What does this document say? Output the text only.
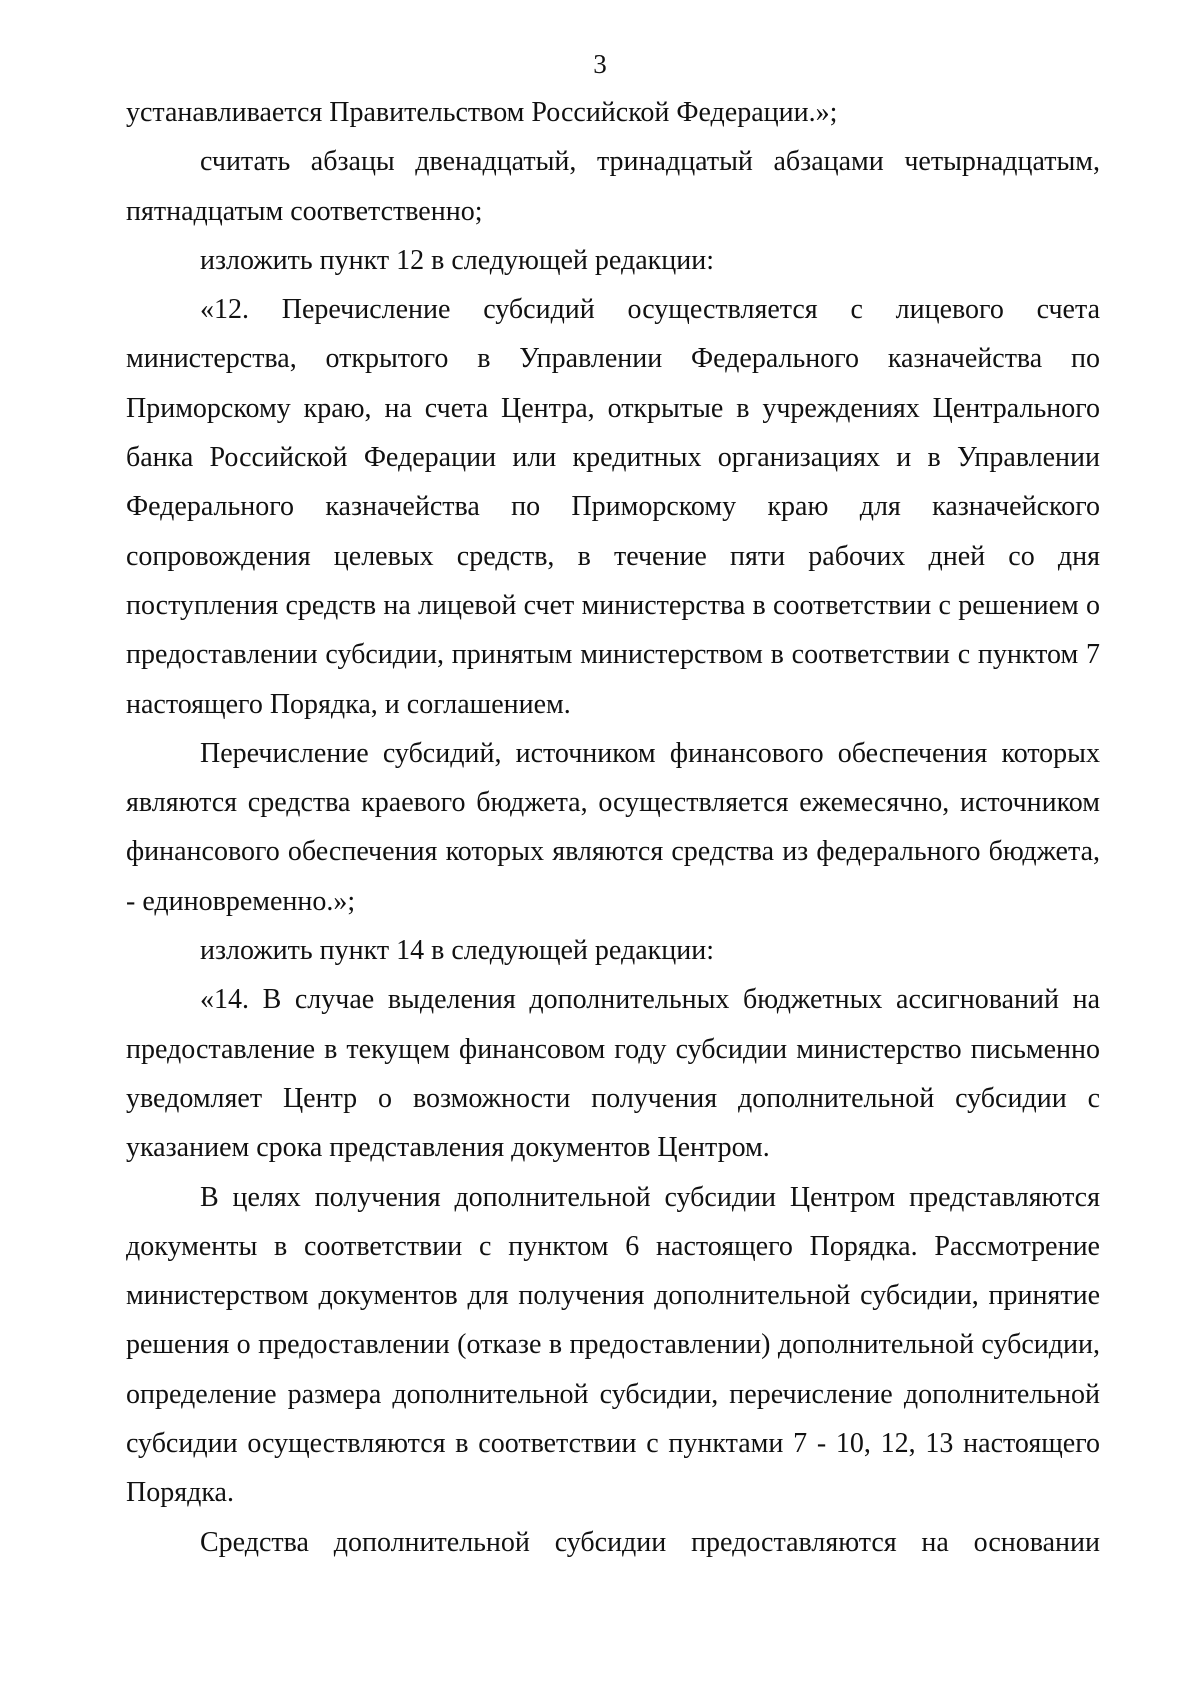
3

устанавливается Правительством Российской Федерации.»;

считать абзацы двенадцатый, тринадцатый абзацами четырнадцатым, пятнадцатым соответственно;

изложить пункт 12 в следующей редакции:

«12. Перечисление субсидий осуществляется с лицевого счета министерства, открытого в Управлении Федерального казначейства по Приморскому краю, на счета Центра, открытые в учреждениях Центрального банка Российской Федерации или кредитных организациях и в Управлении Федерального казначейства по Приморскому краю для казначейского сопровождения целевых средств, в течение пяти рабочих дней со дня поступления средств на лицевой счет министерства в соответствии с решением о предоставлении субсидии, принятым министерством в соответствии с пунктом 7 настоящего Порядка, и соглашением.

Перечисление субсидий, источником финансового обеспечения которых являются средства краевого бюджета, осуществляется ежемесячно, источником финансового обеспечения которых являются средства из федерального бюджета, - единовременно.»;

изложить пункт 14 в следующей редакции:

«14. В случае выделения дополнительных бюджетных ассигнований на предоставление в текущем финансовом году субсидии министерство письменно уведомляет Центр о возможности получения дополнительной субсидии с указанием срока представления документов Центром.

В целях получения дополнительной субсидии Центром представляются документы в соответствии с пунктом 6 настоящего Порядка. Рассмотрение министерством документов для получения дополнительной субсидии, принятие решения о предоставлении (отказе в предоставлении) дополнительной субсидии, определение размера дополнительной субсидии, перечисление дополнительной субсидии осуществляются в соответствии с пунктами 7 - 10, 12, 13 настоящего Порядка.

Средства дополнительной субсидии предоставляются на основании
